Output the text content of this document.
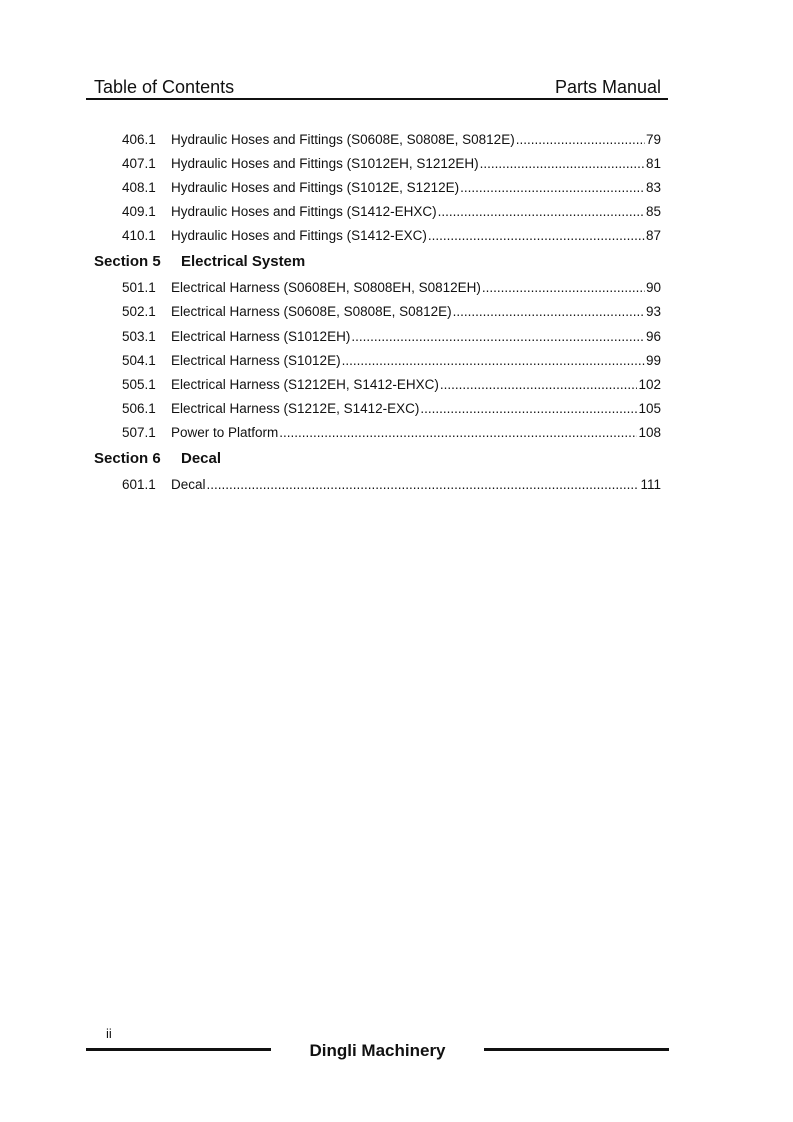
Table of Contents	Parts Manual
406.1	Hydraulic Hoses and Fittings (S0608E, S0808E, S0812E) .....	79
407.1	Hydraulic Hoses and Fittings (S1012EH, S1212EH) .....	81
408.1	Hydraulic Hoses and Fittings (S1012E, S1212E) .....	83
409.1	Hydraulic Hoses and Fittings (S1412-EHXC) .....	85
410.1	Hydraulic Hoses and Fittings (S1412-EXC) .....	87
Section 5 Electrical System
501.1	Electrical Harness (S0608EH, S0808EH, S0812EH) .....	90
502.1	Electrical Harness (S0608E, S0808E, S0812E) .....	93
503.1	Electrical Harness (S1012EH) .....	96
504.1	Electrical Harness (S1012E) .....	99
505.1	Electrical Harness (S1212EH, S1412-EHXC) .....	102
506.1	Electrical Harness (S1212E, S1412-EXC) .....	105
507.1	Power to Platform .....	108
Section 6 Decal
601.1	Decal .....	111
ii
Dingli Machinery
